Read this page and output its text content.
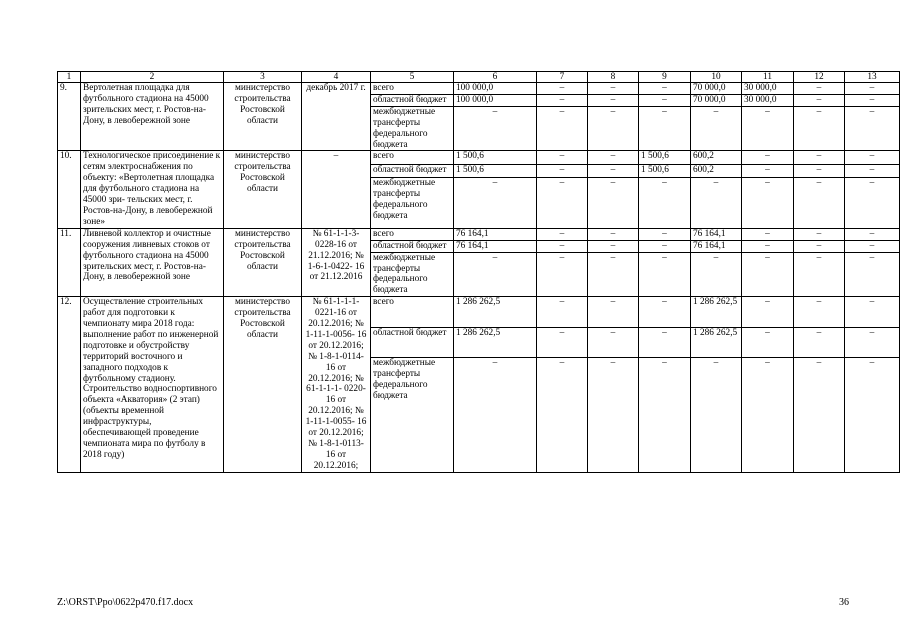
1	2	3	4	5	6	7	8	9	10	11	12	13
9.	Вертолетная площадка для футбольного стадиона на 45000 зрительских мест, г. Ростов-на-Дону, в левобережной зоне	министерство строительства Ростовской области	декабрь 2017 г.	всего	100 000,0	–	–	–	70 000,0	30 000,0	–	–
				областной бюджет	100 000,0	–	–	–	70 000,0	30 000,0	–	–
				межбюджетные трансферты федерального бюджета	–	–	–	–	–	–	–	–
10.	Технологическое присоединение к сетям электроснабжения по объекту: «Вертолетная площадка для футбольного стадиона на 45000 зри- тельских мест, г. Ростов-на-Дону, в левобережной зоне»	министерство строительства Ростовской области	–	всего	1 500,6	–	–	1 500,6	600,2	–	–	–
				областной бюджет	1 500,6	–	–	1 500,6	600,2	–	–	–
				межбюджетные трансферты федерального бюджета	–	–	–	–	–	–	–	–
11.	Ливневой коллектор и очистные сооружения ливневых стоков от футбольного стадиона на 45000 зрительских мест, г. Ростов-на-Дону, в левобережной зоне	министерство строительства Ростовской области	№ 61-1-1-3- 0228-16 от 21.12.2016; № 1-6-1-0422- 16 от 21.12.2016	всего	76 164,1	–	–	–	76 164,1	–	–	–
				областной бюджет	76 164,1	–	–	–	76 164,1	–	–	–
				межбюджетные трансферты федерального бюджета	–	–	–	–	–	–	–	–
12.	Осуществление строительных работ для подготовки к чемпионату мира 2018 года: выполнение работ по инженерной подготовке и обустройству территорий восточного и западного подходов к футбольному стадиону. Строительство водноспортивного объекта «Акватория» (2 этап) (объекты временной инфраструктуры, обеспечивающей проведение чемпионата мира по футболу в 2018 году)	министерство строительства Ростовской области	№ 61-1-1-1- 0221-16 от 20.12.2016; № 1-11-1-0056- 16 от 20.12.2016; № 1-8-1-0114- 16 от 20.12.2016; № 61-1-1-1- 0220-16 от 20.12.2016; № 1-11-1-0055- 16 от 20.12.2016; № 1-8-1-0113- 16 от 20.12.2016;	всего	1 286 262,5	–	–	–	1 286 262,5	–	–	–
				областной бюджет	1 286 262,5	–	–	–	1 286 262,5	–	–	–
				межбюджетные трансферты федерального бюджета	–	–	–	–	–	–	–	–
Z:\ORST\Ppo\0622p470.f17.docx	36
